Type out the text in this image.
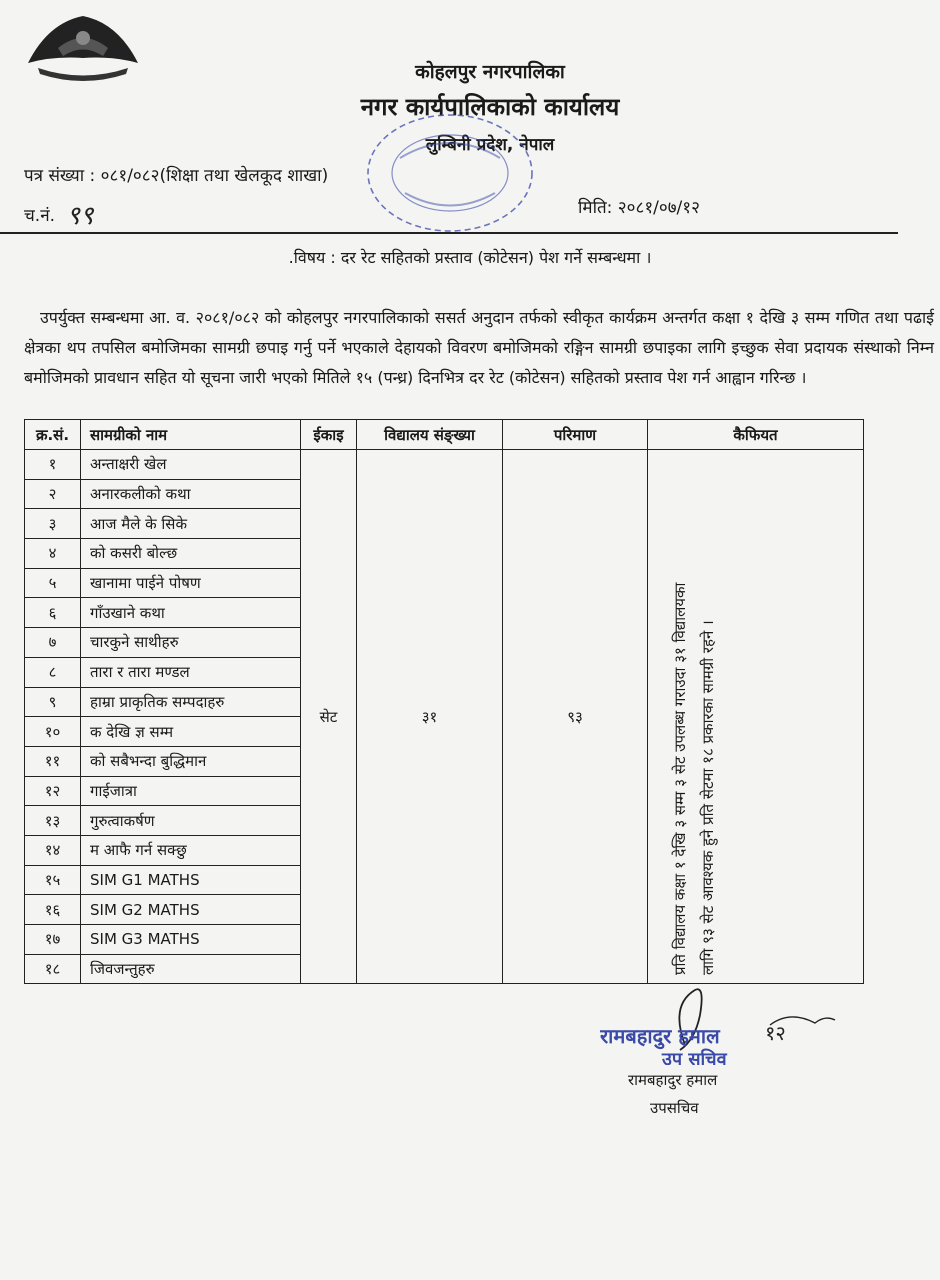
कोहलपुर नगरपालिका
नगर कार्यपालिकाको कार्यालय
लुम्बिनी प्रदेश, नेपाल
पत्र संख्या : ०८१/०८२(शिक्षा तथा खेलकूद शाखा)
च.नं. ९९	मिति: २०८१/०७/१२
.विषय : दर रेट सहितको प्रस्ताव (कोटेसन) पेश गर्ने सम्बन्धमा ।

उपर्युक्त सम्बन्धमा आ. व. २०८१/०८२ को कोहलपुर नगरपालिकाको ससर्त अनुदान तर्फको स्वीकृत कार्यक्रम अन्तर्गत कक्षा १ देखि ३ सम्म गणित तथा पढाई क्षेत्रका थप तपसिल बमोजिमका सामग्री छपाइ गर्नु पर्ने भएकाले देहायको विवरण बमोजिमको रङ्गिन सामग्री छपाइका लागि इच्छुक सेवा प्रदायक संस्थाको निम्न बमोजिमको प्रावधान सहित यो सूचना जारी भएको मितिले १५ (पन्ध्र) दिनभित्र दर रेट (कोटेसन) सहितको प्रस्ताव पेश गर्न आह्वान गरिन्छ ।

क्र.सं.	सामग्रीको नाम	ईकाइ	विद्यालय संङ्ख्या	परिमाण	कैफियत
१	अन्ताक्षरी खेल	सेट	३१	९३	प्रति विद्यालय कक्षा १ देखि ३ सम्म ३ सेट उपलब्ध गराउदा ३१ विद्यालयका लागि ९३ सेट आवश्यक हुने प्रति सेटमा १८ प्रकारका सामग्री रहने ।

२	अनारकलीको कथा				
३	आज मैले के सिके				
४	को कसरी बोल्छ				
५	खानामा पाईने पोषण				
६	गाँउखाने कथा				
७	चारकुने साथीहरु				
८	तारा र तारा मण्डल				
९	हाम्रा प्राकृतिक सम्पदाहरु				
१०	क देखि ज्ञ सम्म				
११	को सबैभन्दा बुद्धिमान				
१२	गाईजात्रा				
१३	गुरुत्वाकर्षण				
१४	म आफै गर्न सक्छु				
१५	SIM G1 MATHS				
१६	SIM G2 MATHS				
१७	SIM G3 MATHS				
१८	जिवजन्तुहरु				
रामबहादुर हमाल
उप सचिव
१२
रामबहादुर हमाल
उपसचिव
